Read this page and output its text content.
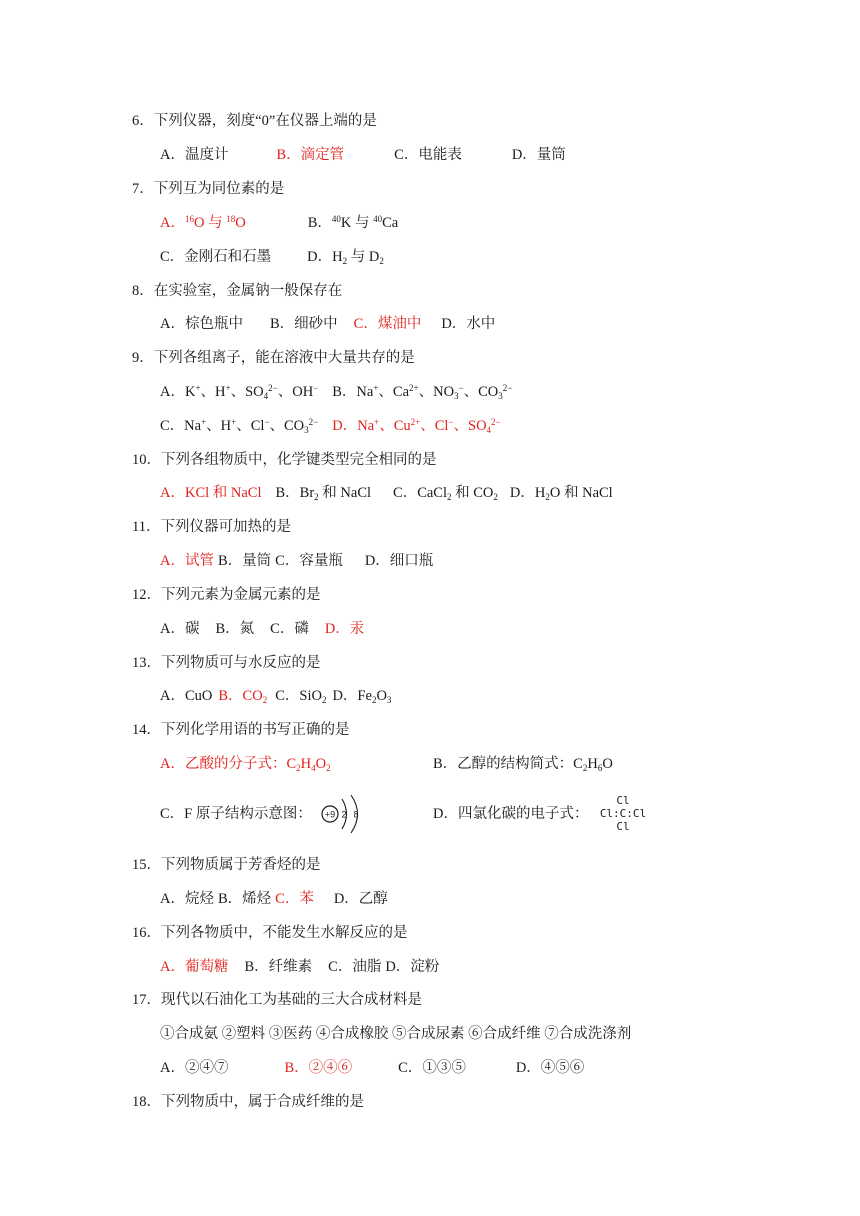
6．下列仪器，刻度“0”在仪器上端的是
A．温度计	B．滴定管	C．电能表	D．量筒
7．下列互为同位素的是
A．$^{16}$O 与 $^{18}$O	B．$^{40}$K 与 $^{40}$Ca
C．金刚石和石墨 D．$H_2$ 与 $D_2$
8．在实验室，金属钠一般保存在
A．棕色瓶中 B．细砂中 C．煤油中 D．水中
9．下列各组离子，能在溶液中大量共存的是
A．K+、H+、$SO_4^{2-}$、OH− B．Na+、$Ca^{2+}$、$NO_3^-$、$CO_3^{2-}$
C．Na+、H+、Cl−、$CO_3^{2-}$ D．Na+、$Cu^{2+}$、Cl−、$SO_4^{2-}$
10．下列各组物质中，化学键类型完全相同的是
A．KCl 和 NaCl B．$Br_2$ 和 NaCl C．CaCl$_2$ 和 $CO_2$ D．$H_2O$ 和 NaCl
11．下列仪器可加热的是
A．试管 B．量筒 C．容量瓶 D．细口瓶
12．下列元素为金属元素的是
A．碳 B．氮 C．磷 D．汞
13．下列物质可与水反应的是
A．CuO B．$CO_2$ C．SiO$_2$ D．$Fe_2O_3$
14．下列化学用语的书写正确的是
A．乙酸的分子式：$C_2H_4O_2$	B．乙醇的结构简式：$C_2H_6O$
C．F 原子结构示意图： +9 2 8	D．四氯化碳的电子式：
Cl
Cl:C:Cl
Cl
15．下列物质属于芳香烃的是
A．烷烃 B．烯烃 C．苯 D．乙醇
16．下列各物质中，不能发生水解反应的是
A．葡萄糖 B．纤维素 C．油脂 D．淀粉
17．现代以石油化工为基础的三大合成材料是
①合成氨 ②塑料 ③医药 ④合成橡胶 ⑤合成尿素 ⑥合成纤维 ⑦合成洗涤剂
A．②④⑦	B．②④⑥	C．①③⑤	D．④⑤⑥
18．下列物质中，属于合成纤维的是
